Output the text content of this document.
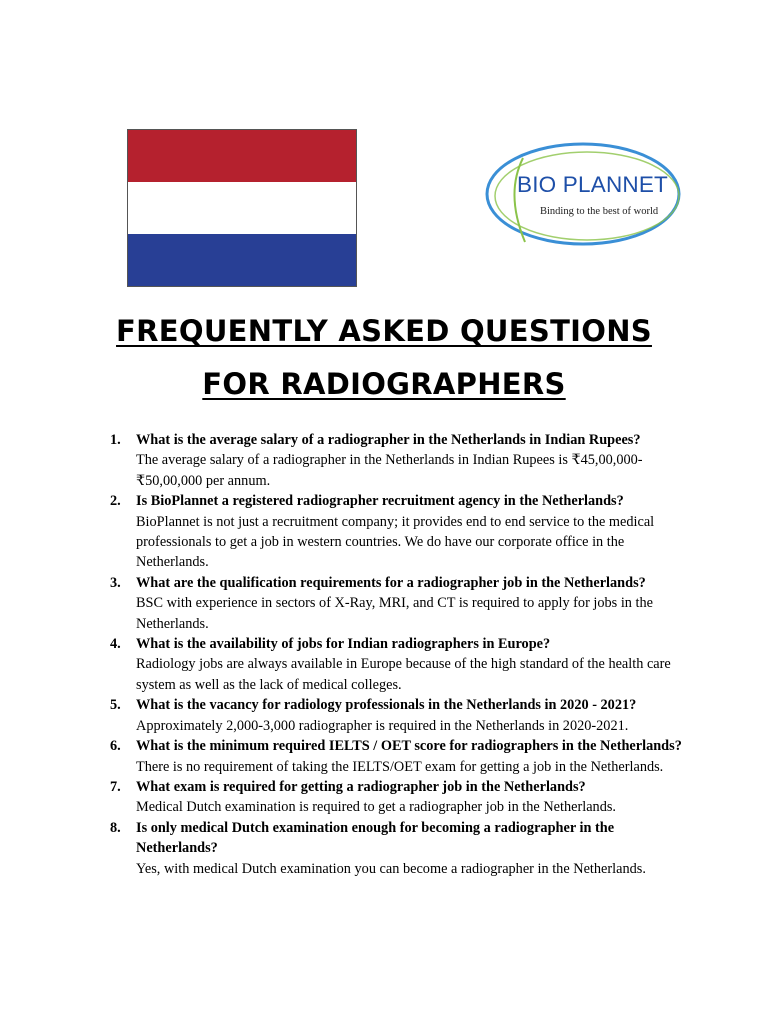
BIO PLANNET
Binding to the best of world
FREQUENTLY ASKED QUESTIONS
FOR RADIOGRAPHERS
1. What is the average salary of a radiographer in the Netherlands in Indian Rupees?
The average salary of a radiographer in the Netherlands in Indian Rupees is ₹45,00,000-₹50,00,000 per annum.
2. Is BioPlannet a registered radiographer recruitment agency in the Netherlands?
BioPlannet is not just a recruitment company; it provides end to end service to the medical professionals to get a job in western countries. We do have our corporate office in the Netherlands.
3. What are the qualification requirements for a radiographer job in the Netherlands?
BSC with experience in sectors of X-Ray, MRI, and CT is required to apply for jobs in the Netherlands.
4. What is the availability of jobs for Indian radiographers in Europe?
Radiology jobs are always available in Europe because of the high standard of the health care system as well as the lack of medical colleges.
5. What is the vacancy for radiology professionals in the Netherlands in 2020 - 2021?
Approximately 2,000-3,000 radiographer is required in the Netherlands in 2020-2021.
6. What is the minimum required IELTS / OET score for radiographers in the Netherlands?
There is no requirement of taking the IELTS/OET exam for getting a job in the Netherlands.
7. What exam is required for getting a radiographer job in the Netherlands?
Medical Dutch examination is required to get a radiographer job in the Netherlands.
8. Is only medical Dutch examination enough for becoming a radiographer in the Netherlands?
Yes, with medical Dutch examination you can become a radiographer in the Netherlands.
